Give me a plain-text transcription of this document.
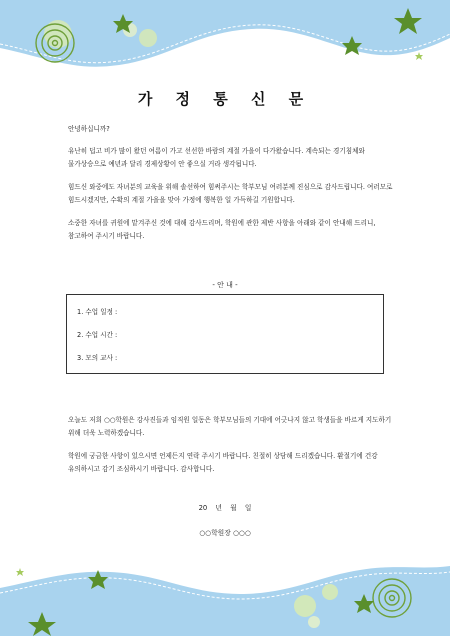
가 정 통 신 문
안녕하십니까?
유난히 덥고 비가 많이 왔던 여름이 가고 선선한 바람의 계절 가을이 다가왔습니다. 계속되는 경기침체와 물가상승으로 예년과 달리 경제상황이 안 좋으실 거라 생각됩니다.
힘드신 와중에도 자녀분의 교육을 위해 솔선하여 힘써주시는 학부모님 여러분께 진심으로 감사드립니다. 여러모로 힘드시겠지만, 수확의 계절 가을을 맞아 가정에 행복한 일 가득하길 기원합니다.
소중한 자녀를 귀원에 맡겨주신 것에 대해 감사드리며, 학원에 관한 제반 사항을 아래와 같이 안내해 드리니, 참고하여 주시기 바랍니다.
- 안 내 -
1. 수업 일정 :
2. 수업 시간 :
3. 모의 교사 :
오늘도 저희 ○○학원은 강사진들과 임직원 일동은 학부모님들의 기대에 어긋나지 않고 학생들을 바르게 지도하기 위해 더욱 노력하겠습니다.
학원에 궁금한 사항이 있으시면 언제든지 연락 주시기 바랍니다. 친절히 상담해 드리겠습니다. 환절기에 건강 유의하시고 감기 조심하시기 바랍니다. 감사합니다.
20 년 월 일
○○학원장 ○○○
